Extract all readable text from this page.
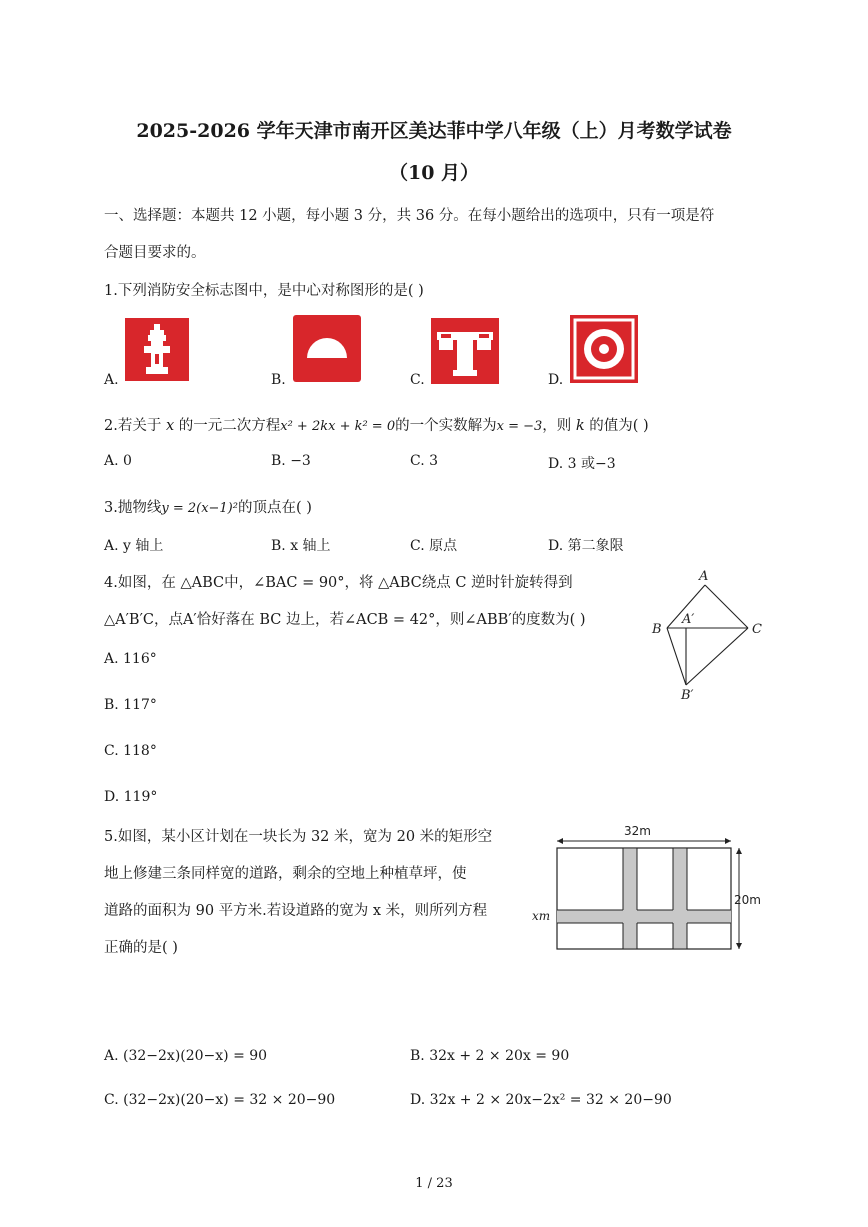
2025-2026 学年天津市南开区美达菲中学八年级（上）月考数学试卷
（10 月）
一、选择题：本题共 12 小题，每小题 3 分，共 36 分。在每小题给出的选项中，只有一项是符
合题目要求的。
1.下列消防安全标志图中，是中心对称图形的是( )
A.	B.	C.	D.
2.若关于 x 的一元二次方程x² + 2kx + k² = 0的一个实数解为x = −3，则 k 的值为( )
A. 0	B. −3	C. 3	D. 3 或−3
3.抛物线y = 2(x−1)²的顶点在( )
A. y 轴上	B. x 轴上	C. 原点	D. 第二象限
4.如图，在 △ABC中，∠BAC = 90°，将 △ABC绕点 C 逆时针旋转得到
△A′B′C，点A′恰好落在 BC 边上，若∠ACB = 42°，则∠ABB′的度数为( )
A. 116°
B. 117°
C. 118°
D. 119°
A
A′
B	C
B′
5.如图，某小区计划在一块长为 32 米，宽为 20 米的矩形空
地上修建三条同样宽的道路，剩余的空地上种植草坪，使
道路的面积为 90 平方米.若设道路的宽为 x 米，则所列方程
正确的是( )
32m
20m
xm
A. (32−2x)(20−x) = 90	B. 32x + 2 × 20x = 90
C. (32−2x)(20−x) = 32 × 20−90	D. 32x + 2 × 20x−2x² = 32 × 20−90
1 / 23
